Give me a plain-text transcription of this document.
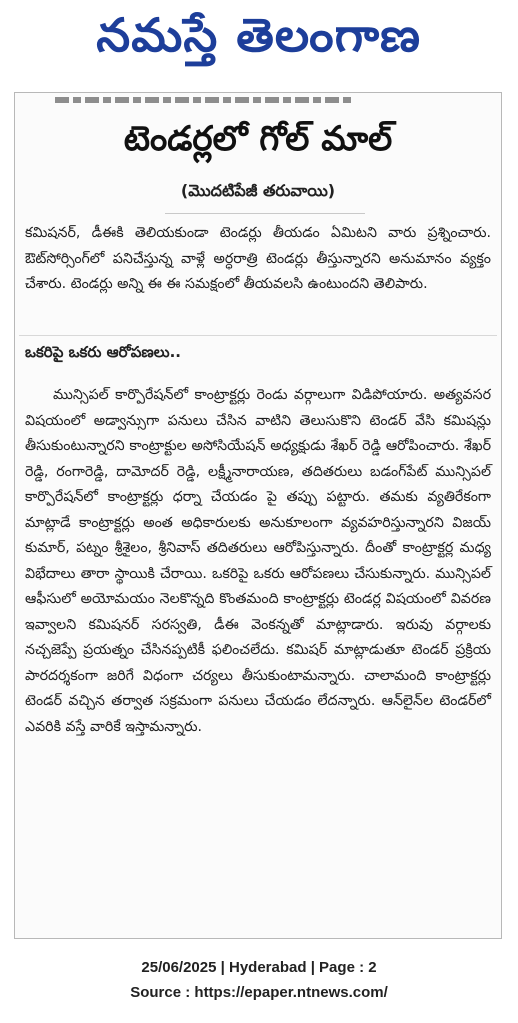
నమస్తే తెలంగాణ
టెండర్లలో గోల్ మాల్
(మొదటిపేజీ తరువాయి)

కమిషనర్, డీఈకి తెలియకుండా టెండర్లు తీయడం ఏమిటని వారు ప్రశ్నించారు. ఔట్‌సోర్సింగ్‌లో పనిచేస్తున్న వాళ్లే అర్ధరాత్రి టెండర్లు తీస్తున్నారని అనుమానం వ్యక్తం చేశారు. టెండర్లు అన్ని ఈ ఈ సమక్షంలో తీయవలసి ఉంటుందని తెలిపారు.

ఒకరిపై ఒకరు ఆరోపణలు..

మున్సిపల్ కార్పొరేషన్‌లో కాంట్రాక్టర్లు రెండు వర్గాలుగా విడిపోయారు. అత్యవసర విషయంలో అడ్వాన్సుగా పనులు చేసిన వాటిని తెలుసుకొని టెండర్ వేసి కమిషన్లు తీసుకుంటున్నారని కాంట్రాక్టుల అసోసియేషన్ అధ్యక్షుడు శేఖర్ రెడ్డి ఆరోపించారు. శేఖర్ రెడ్డి, రంగారెడ్డి, దామోదర్ రెడ్డి, లక్ష్మీనారాయణ, తదితరులు బడంగ్‌పేట్ మున్సిపల్ కార్పొరేషన్‌లో కాంట్రాక్టర్లు ధర్నా చేయడం పై తప్పు పట్టారు. తమకు వ్యతిరేకంగా మాట్లాడే కాంట్రాక్టర్లు అంత అధికారులకు అనుకూలంగా వ్యవహరిస్తున్నారని విజయ్ కుమార్, పట్నం శ్రీశైలం, శ్రీనివాస్ తదితరులు ఆరోపిస్తున్నారు. దీంతో కాంట్రాక్టర్ల మధ్య విభేదాలు తారా స్థాయికి చేరాయి. ఒకరిపై ఒకరు ఆరోపణలు చేసుకున్నారు. మున్సిపల్ ఆఫీసులో అయోమయం నెలకొన్నది కొంతమంది కాంట్రాక్టర్లు టెండర్ల విషయంలో వివరణ ఇవ్వాలని కమిషనర్ సరస్వతి, డీఈ వెంకన్నతో మాట్లాడారు. ఇరువు వర్గాలకు నచ్చజెప్పే ప్రయత్నం చేసినప్పటికీ ఫలించలేదు. కమిషర్ మాట్లాడుతూ టెండర్ ప్రక్రియ పారదర్శకంగా జరిగే విధంగా చర్యలు తీసుకుంటామన్నారు. చాలామంది కాంట్రాక్టర్లు టెండర్ వచ్చిన తర్వాత సక్రమంగా పనులు చేయడం లేదన్నారు. ఆన్‌లైన్‌ల టెండర్‌లో ఎవరికి వస్తే వారికే ఇస్తామన్నారు.

25/06/2025 | Hyderabad | Page : 2
Source : https://epaper.ntnews.com/
